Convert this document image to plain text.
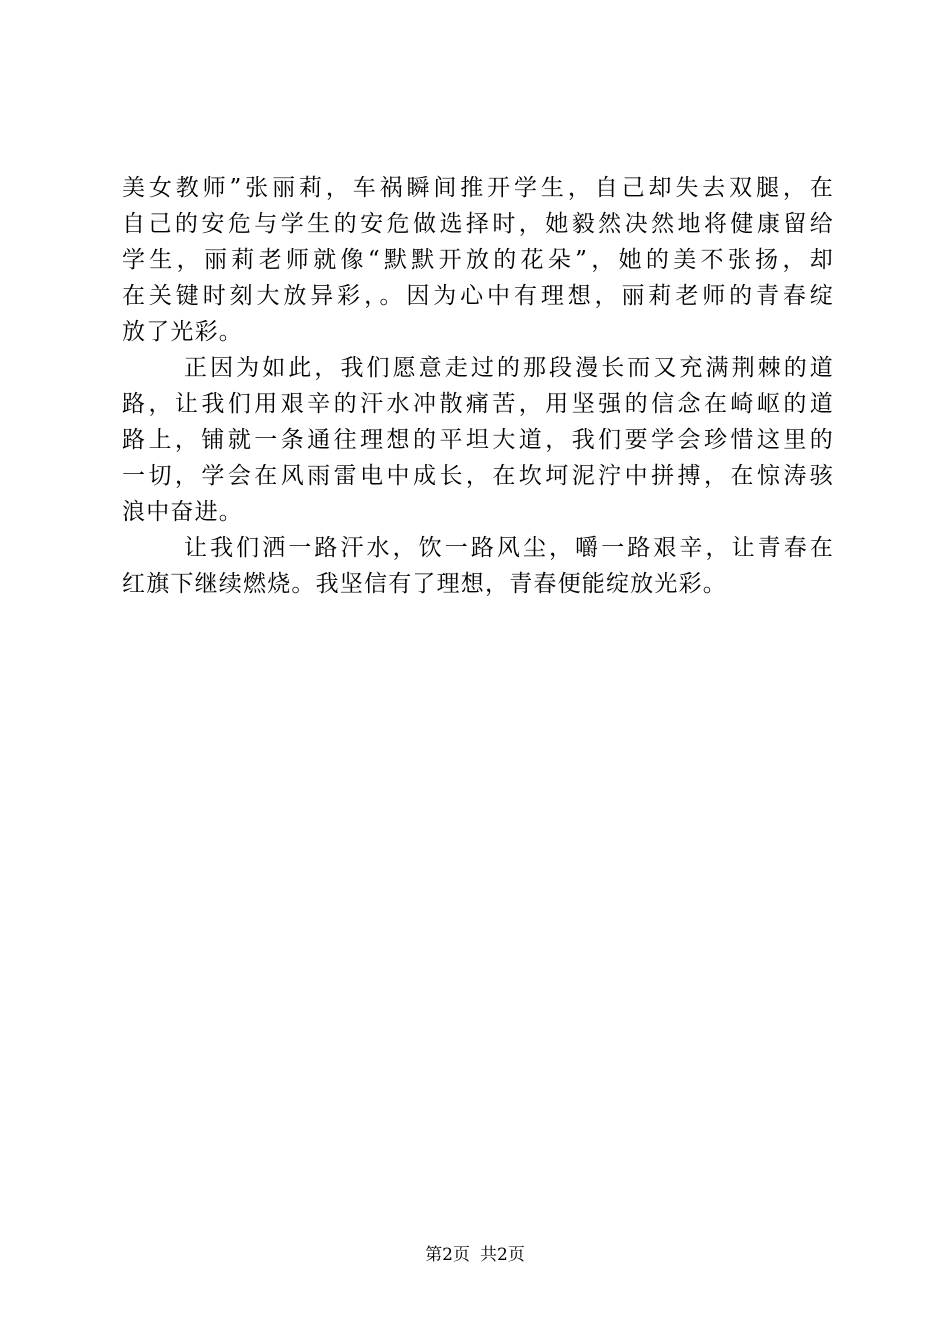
美女教师”张丽莉，车祸瞬间推开学生，自己却失去双腿，在
自己的安危与学生的安危做选择时，她毅然决然地将健康留给
学生，丽莉老师就像“默默开放的花朵”，她的美不张扬，却
在关键时刻大放异彩，。因为心中有理想，丽莉老师的青春绽
放了光彩。
正因为如此，我们愿意走过的那段漫长而又充满荆棘的道
路，让我们用艰辛的汗水冲散痛苦，用坚强的信念在崎岖的道
路上，铺就一条通往理想的平坦大道，我们要学会珍惜这里的
一切，学会在风雨雷电中成长，在坎坷泥泞中拼搏，在惊涛骇
浪中奋进。
让我们洒一路汗水，饮一路风尘，嚼一路艰辛，让青春在
红旗下继续燃烧。我坚信有了理想，青春便能绽放光彩。
第2页 共2页
